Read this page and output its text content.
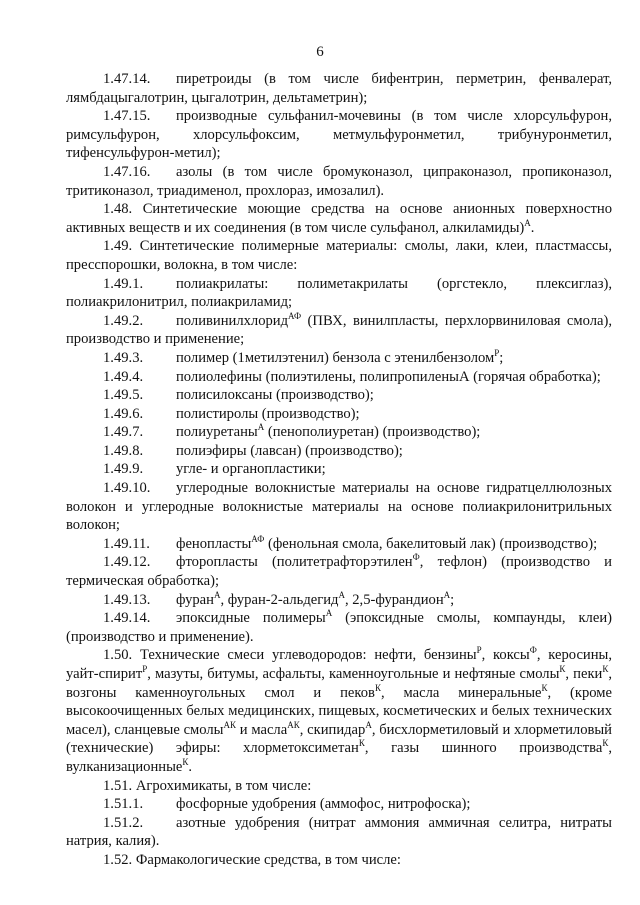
6

1.47.14. пиретроиды (в том числе бифентрин, перметрин, фенвалерат, лямбдацыгалотрин, цыгалотрин, дельтаметрин);

1.47.15. производные сульфанил-мочевины (в том числе хлорсульфурон, римсульфурон, хлорсульфоксим, метмульфуронметил, трибунуронметил, тифенсульфурон-метил);

1.47.16. азолы (в том числе бромуконазол, ципраконазол, пропиконазол, тритиконазол, триадименол, прохлораз, имозалил).

1.48. Синтетические моющие средства на основе анионных поверхностно активных веществ и их соединения (в том числе сульфанол, алкиламиды)$^А$.

1.49. Синтетические полимерные материалы: смолы, лаки, клеи, пластмассы, пресспорошки, волокна, в том числе:

1.49.1. полиакрилаты: полиметакрилаты (оргстекло, плексиглаз), полиакрилонитрил, полиакриламид;

1.49.2. поливинилхлорид$^{АФ}$ (ПВХ, винилпласты, перхлорвиниловая смола), производство и применение;

1.49.3. полимер (1метилэтенил) бензола с этенилбензолом$^Р$;

1.49.4. полиолефины (полиэтилены, полипропиленыА (горячая обработка);

1.49.5. полисилоксаны (производство);

1.49.6. полистиролы (производство);

1.49.7. полиуретаны$^А$ (пенополиуретан) (производство);

1.49.8. полиэфиры (лавсан) (производство);

1.49.9. угле- и органопластики;

1.49.10. углеродные волокнистые материалы на основе гидратцеллюлозных волокон и углеродные волокнистые материалы на основе полиакрилонитрильных волокон;

1.49.11. фенопласты$^{АФ}$ (фенольная смола, бакелитовый лак) (производство);

1.49.12. фторопласты (политетрафторэтилен$^Ф$, тефлон) (производство и термическая обработка);

1.49.13. фуран$^А$, фуран-2-альдегид$^А$, 2,5-фурандион$^А$;

1.49.14. эпоксидные полимеры$^А$ (эпоксидные смолы, компаунды, клеи) (производство и применение).

1.50. Технические смеси углеводородов: нефти, бензины$^Р$, коксы$^Ф$, керосины, уайт-спирит$^Р$, мазуты, битумы, асфальты, каменноугольные и нефтяные смолы$^К$, пеки$^К$, возгоны каменноугольных смол и пеков$^К$, масла минеральные$^К$, (кроме высокоочищенных белых медицинских, пищевых, косметических и белых технических масел), сланцевые смолы$^{АК}$ и масла$^{АК}$, скипидар$^А$, бисхлорметиловый и хлорметиловый (технические) эфиры: хлорметоксиметан$^К$, газы шинного производства$^К$, вулканизационные$^К$.

1.51. Агрохимикаты, в том числе:

1.51.1. фосфорные удобрения (аммофос, нитрофоска);

1.51.2. азотные удобрения (нитрат аммония аммичная селитра, нитраты натрия, калия).

1.52. Фармакологические средства, в том числе:
